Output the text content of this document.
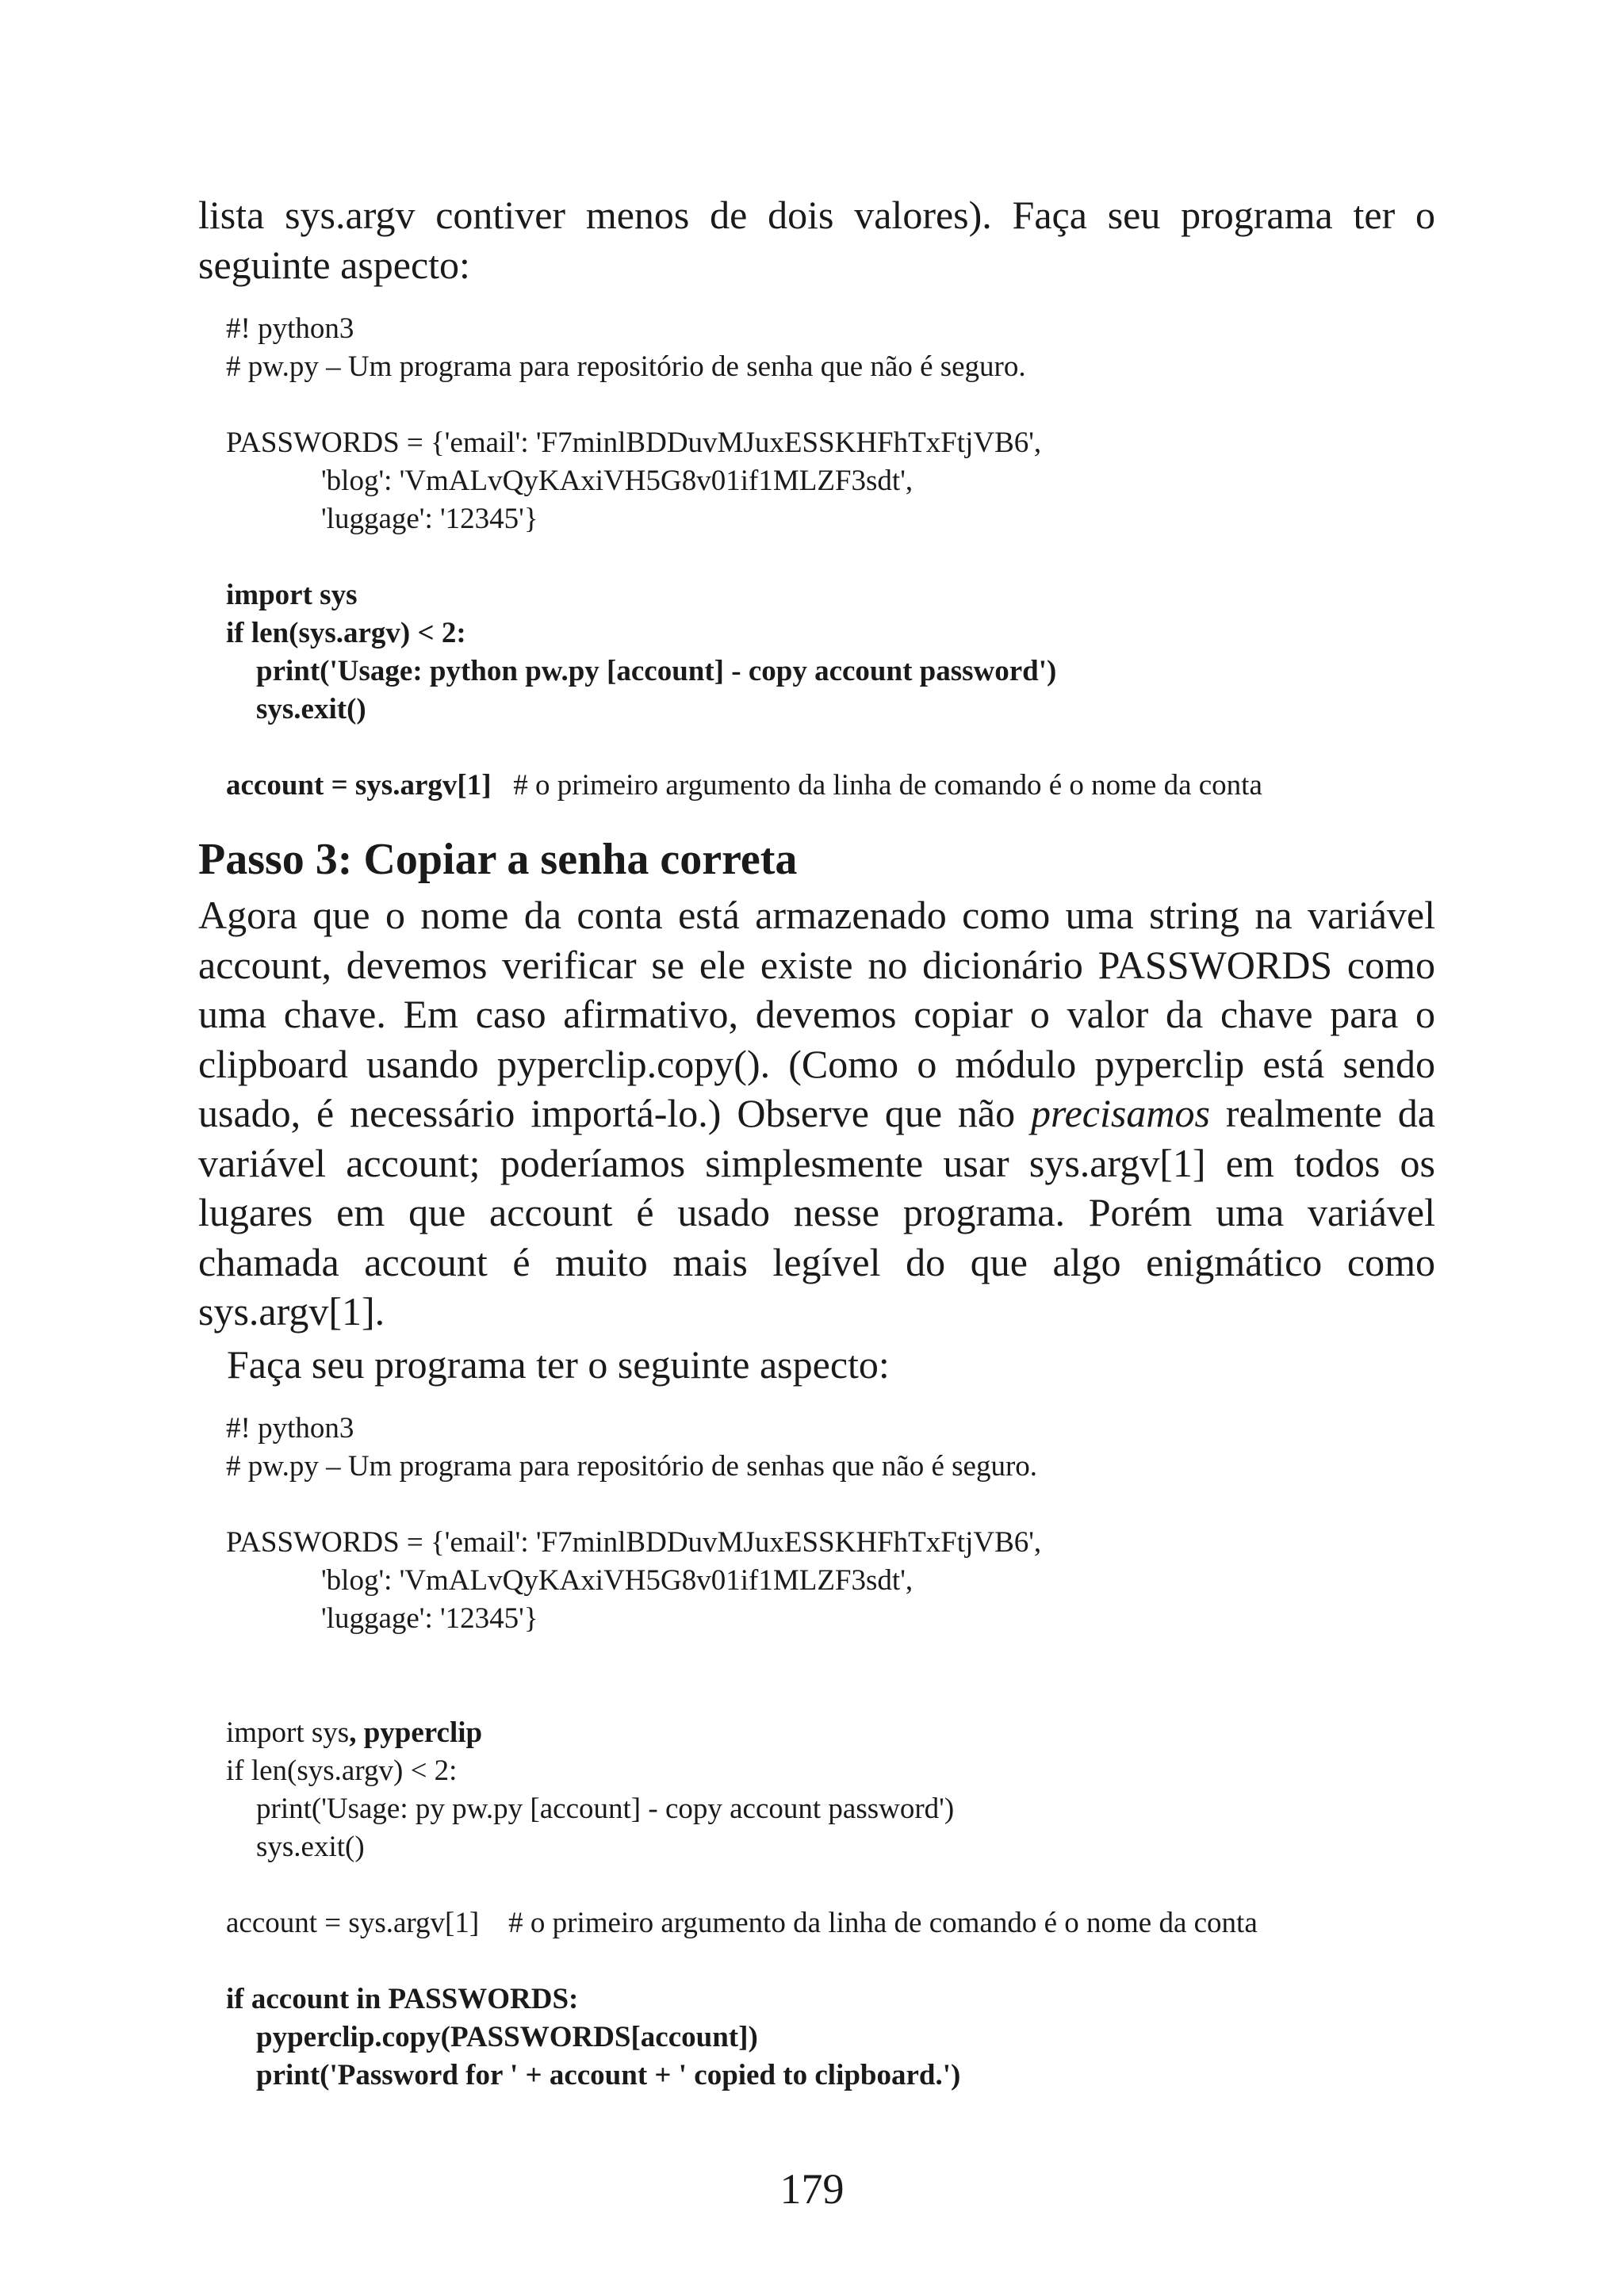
lista sys.argv contiver menos de dois valores). Faça seu programa ter o seguinte aspecto:

#! python3
# pw.py – Um programa para repositório de senha que não é seguro.
PASSWORDS = {'email': 'F7minlBDDuvMJuxESSKHFhTxFtjVB6',
'blog': 'VmALvQyKAxiVH5G8v01if1MLZF3sdt',
'luggage': '12345'}
import sys
if len(sys.argv) < 2:
print('Usage: python pw.py [account] - copy account password')
sys.exit()
account = sys.argv[1]   # o primeiro argumento da linha de comando é o nome da conta
Passo 3: Copiar a senha correta

Agora que o nome da conta está armazenado como uma string na variável account, devemos verificar se ele existe no dicionário PASSWORDS como uma chave. Em caso afirmativo, devemos copiar o valor da chave para o clipboard usando pyperclip.copy(). (Como o módulo pyperclip está sendo usado, é necessário importá-lo.) Observe que não precisamos realmente da variável account; poderíamos simplesmente usar sys.argv[1] em todos os lugares em que account é usado nesse programa. Porém uma variável chamada account é muito mais legível do que algo enigmático como sys.argv[1].

Faça seu programa ter o seguinte aspecto:

#! python3
# pw.py – Um programa para repositório de senhas que não é seguro.
PASSWORDS = {'email': 'F7minlBDDuvMJuxESSKHFhTxFtjVB6',
'blog': 'VmALvQyKAxiVH5G8v01if1MLZF3sdt',
'luggage': '12345'}
import sys, pyperclip
if len(sys.argv) < 2:
print('Usage: py pw.py [account] - copy account password')
sys.exit()
account = sys.argv[1]    # o primeiro argumento da linha de comando é o nome da conta
if account in PASSWORDS:
pyperclip.copy(PASSWORDS[account])
print('Password for ' + account + ' copied to clipboard.')
179
